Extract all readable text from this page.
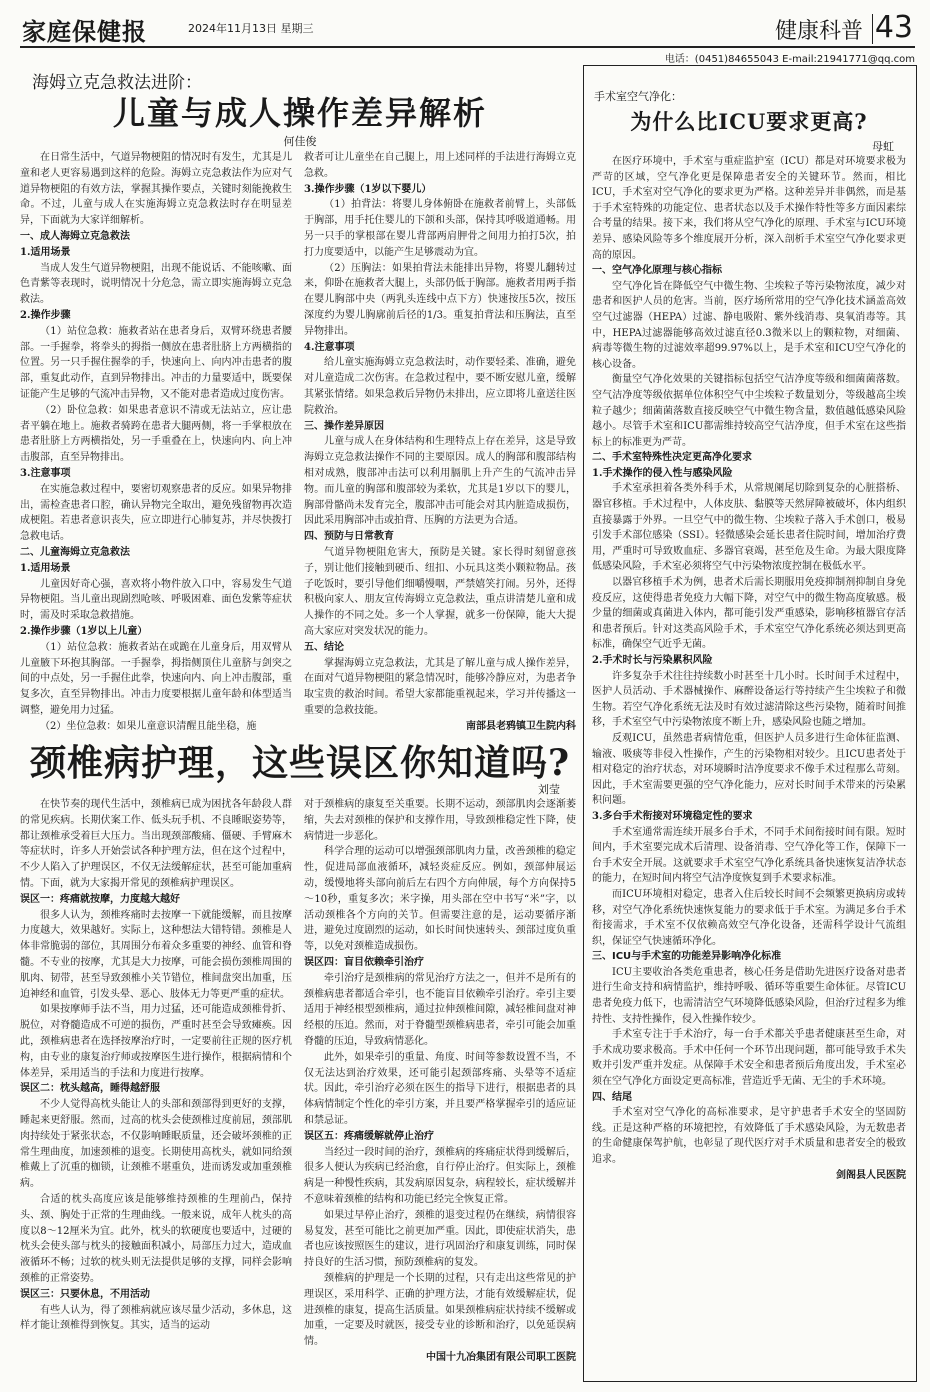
家庭保健报	2024年11月13日 星期三	健康科普 43
电话：(0451)84655043 E-mail:21941771@qq.com
海姆立克急救法进阶：
儿童与成人操作差异解析
何佳俊

在日常生活中，气道异物梗阻的情况时有发生，尤其是儿童和老人更容易遇到这样的危险。海姆立克急救法作为应对气道异物梗阻的有效方法，掌握其操作要点，关键时刻能挽救生命。不过，儿童与成人在实施海姆立克急救法时存在明显差异，下面就为大家详细解析。

一、成人海姆立克急救法

1.适用场景

当成人发生气道异物梗阻，出现不能说话、不能咳嗽、面色青紫等表现时，说明情况十分危急，需立即实施海姆立克急救法。

2.操作步骤

（1）站位急救：施救者站在患者身后，双臂环绕患者腰部。一手握拳，将拳头的拇指一侧放在患者肚脐上方两横指的位置。另一只手握住握拳的手，快速向上、向内冲击患者的腹部，重复此动作，直到异物排出。冲击的力量要适中，既要保证能产生足够的气流冲击异物，又不能对患者造成过度伤害。

（2）卧位急救：如果患者意识不清或无法站立，应让患者平躺在地上。施救者骑跨在患者大腿两侧，将一手掌根放在患者肚脐上方两横指处，另一手重叠在上，快速向内、向上冲击腹部，直至异物排出。

3.注意事项

在实施急救过程中，要密切观察患者的反应。如果异物排出，需检查患者口腔，确认异物完全取出，避免残留物再次造成梗阻。若患者意识丧失，应立即进行心肺复苏，并尽快拨打急救电话。

二、儿童海姆立克急救法

1.适用场景

儿童因好奇心强，喜欢将小物件放入口中，容易发生气道异物梗阻。当儿童出现剧烈呛咳、呼吸困难、面色发紫等症状时，需及时采取急救措施。

2.操作步骤（1岁以上儿童）

（1）站位急救：施救者站在或跪在儿童身后，用双臂从儿童腋下环抱其胸部。一手握拳，拇指侧顶住儿童脐与剑突之间的中点处，另一手握住此拳，快速向内、向上冲击腹部，重复多次，直至异物排出。冲击力度要根据儿童年龄和体型适当调整，避免用力过猛。

（2）坐位急救：如果儿童意识清醒且能坐稳，施

救者可让儿童坐在自己腿上，用上述同样的手法进行海姆立克急救。

3.操作步骤（1岁以下婴儿）

（1）拍背法：将婴儿身体俯卧在施救者前臂上，头部低于胸部，用手托住婴儿的下颌和头部，保持其呼吸道通畅。用另一只手的掌根部在婴儿背部两肩胛骨之间用力拍打5次，拍打力度要适中，以能产生足够震动为宜。

（2）压胸法：如果拍背法未能排出异物，将婴儿翻转过来，仰卧在施救者大腿上，头部仍低于胸部。施救者用两手指在婴儿胸部中央（两乳头连线中点下方）快速按压5次，按压深度约为婴儿胸廓前后径的1/3。重复拍背法和压胸法，直至异物排出。

4.注意事项

给儿童实施海姆立克急救法时，动作要轻柔、准确，避免对儿童造成二次伤害。在急救过程中，要不断安慰儿童，缓解其紧张情绪。如果急救后异物仍未排出，应立即将儿童送往医院救治。

三、操作差异原因

儿童与成人在身体结构和生理特点上存在差异，这是导致海姆立克急救法操作不同的主要原因。成人的胸部和腹部结构相对成熟，腹部冲击法可以利用膈肌上升产生的气流冲击异物。而儿童的胸部和腹部较为柔软，尤其是1岁以下的婴儿，胸部骨骼尚未发育完全，腹部冲击可能会对其内脏造成损伤，因此采用胸部冲击或拍背、压胸的方法更为合适。

四、预防与日常教育

气道异物梗阻危害大，预防是关键。家长得时刻留意孩子，别让他们接触到硬币、纽扣、小玩具这类小颗粒物品。孩子吃饭时，要引导他们细嚼慢咽，严禁嬉笑打闹。另外，还得积极向家人、朋友宣传海姆立克急救法，重点讲清楚儿童和成人操作的不同之处。多一个人掌握，就多一份保障，能大大提高大家应对突发状况的能力。

五、结论

掌握海姆立克急救法，尤其是了解儿童与成人操作差异，在面对气道异物梗阻的紧急情况时，能够冷静应对，为患者争取宝贵的救治时间。希望大家都能重视起来，学习并传播这一重要的急救技能。

南部县老鸦镇卫生院内科

颈椎病护理，这些误区你知道吗?
刘莹

在快节奏的现代生活中，颈椎病已成为困扰各年龄段人群的常见疾病。长期伏案工作、低头玩手机、不良睡眠姿势等，都让颈椎承受着巨大压力。当出现颈部酸痛、僵硬、手臂麻木等症状时，许多人开始尝试各种护理方法，但在这个过程中，不少人陷入了护理误区，不仅无法缓解症状，甚至可能加重病情。下面，就为大家揭开常见的颈椎病护理误区。

误区一：疼痛就按摩，力度越大越好

很多人认为，颈椎疼痛时去按摩一下就能缓解，而且按摩力度越大，效果越好。实际上，这种想法大错特错。颈椎是人体非常脆弱的部位，其周围分布着众多重要的神经、血管和脊髓。不专业的按摩，尤其是大力按摩，可能会损伤颈椎周围的肌肉、韧带，甚至导致颈椎小关节错位，椎间盘突出加重，压迫神经和血管，引发头晕、恶心、肢体无力等更严重的症状。

如果按摩师手法不当，用力过猛，还可能造成颈椎骨折、脱位，对脊髓造成不可逆的损伤，严重时甚至会导致瘫痪。因此，颈椎病患者在选择按摩治疗时，一定要前往正规的医疗机构，由专业的康复治疗师或按摩医生进行操作，根据病情和个体差异，采用适当的手法和力度进行按摩。

误区二：枕头越高，睡得越舒服

不少人觉得高枕头能让人的头部和颈部得到更好的支撑，睡起来更舒服。然而，过高的枕头会使颈椎过度前屈，颈部肌肉持续处于紧张状态，不仅影响睡眠质量，还会破坏颈椎的正常生理曲度，加速颈椎的退变。长期使用高枕头，就如同给颈椎戴上了沉重的枷锁，让颈椎不堪重负，进而诱发或加重颈椎病。

合适的枕头高度应该是能够维持颈椎的生理前凸，保持头、颈、胸处于正常的生理曲线。一般来说，成年人枕头的高度以8～12厘米为宜。此外，枕头的软硬度也要适中，过硬的枕头会使头部与枕头的接触面积减小，局部压力过大，造成血液循环不畅；过软的枕头则无法提供足够的支撑，同样会影响颈椎的正常姿势。

误区三：只要休息，不用活动

有些人认为，得了颈椎病就应该尽量少活动，多休息，这样才能让颈椎得到恢复。其实，适当的运动

对于颈椎病的康复至关重要。长期不运动，颈部肌肉会逐渐萎缩，失去对颈椎的保护和支撑作用，导致颈椎稳定性下降，使病情进一步恶化。

科学合理的运动可以增强颈部肌肉力量，改善颈椎的稳定性，促进局部血液循环，减轻炎症反应。例如，颈部伸展运动，缓慢地将头部向前后左右四个方向伸展，每个方向保持5～10秒，重复多次；米字操，用头部在空中书写“米”字，以活动颈椎各个方向的关节。但需要注意的是，运动要循序渐进，避免过度剧烈的运动，如长时间快速转头、颈部过度负重等，以免对颈椎造成损伤。

误区四：盲目依赖牵引治疗

牵引治疗是颈椎病的常见治疗方法之一，但并不是所有的颈椎病患者都适合牵引，也不能盲目依赖牵引治疗。牵引主要适用于神经根型颈椎病，通过拉伸颈椎间隙，减轻椎间盘对神经根的压迫。然而，对于脊髓型颈椎病患者，牵引可能会加重脊髓的压迫，导致病情恶化。

此外，如果牵引的重量、角度、时间等参数设置不当，不仅无法达到治疗效果，还可能引起颈部疼痛、头晕等不适症状。因此，牵引治疗必须在医生的指导下进行，根据患者的具体病情制定个性化的牵引方案，并且要严格掌握牵引的适应证和禁忌证。

误区五：疼痛缓解就停止治疗

当经过一段时间的治疗，颈椎病的疼痛症状得到缓解后，很多人便认为疾病已经治愈，自行停止治疗。但实际上，颈椎病是一种慢性疾病，其发病原因复杂，病程较长，症状缓解并不意味着颈椎的结构和功能已经完全恢复正常。

如果过早停止治疗，颈椎的退变过程仍在继续，病情很容易复发，甚至可能比之前更加严重。因此，即使症状消失，患者也应该按照医生的建议，进行巩固治疗和康复训练，同时保持良好的生活习惯，预防颈椎病的复发。

颈椎病的护理是一个长期的过程，只有走出这些常见的护理误区，采用科学、正确的护理方法，才能有效缓解症状，促进颈椎的康复，提高生活质量。如果颈椎病症状持续不缓解或加重，一定要及时就医，接受专业的诊断和治疗，以免延误病情。

中国十九冶集团有限公司职工医院

手术室空气净化：
为什么比ICU要求更高?
母虹

在医疗环境中，手术室与重症监护室（ICU）都是对环境要求极为严苛的区域，空气净化更是保障患者安全的关键环节。然而，相比ICU，手术室对空气净化的要求更为严格。这种差异并非偶然，而是基于手术室特殊的功能定位、患者状态以及手术操作特性等多方面因素综合考量的结果。接下来，我们将从空气净化的原理、手术室与ICU环境差异、感染风险等多个维度展开分析，深入剖析手术室空气净化要求更高的原因。

一、空气净化原理与核心指标

空气净化旨在降低空气中微生物、尘埃粒子等污染物浓度，减少对患者和医护人员的危害。当前，医疗场所常用的空气净化技术涵盖高效空气过滤器（HEPA）过滤、静电吸附、紫外线消毒、臭氧消毒等。其中，HEPA过滤器能够高效过滤直径0.3微米以上的颗粒物，对细菌、病毒等微生物的过滤效率超99.97%以上，是手术室和ICU空气净化的核心设备。

衡量空气净化效果的关键指标包括空气洁净度等级和细菌菌落数。空气洁净度等级依据单位体积空气中尘埃粒子数量划分，等级越高尘埃粒子越少；细菌菌落数直接反映空气中微生物含量，数值越低感染风险越小。尽管手术室和ICU都需维持较高空气洁净度，但手术室在这些指标上的标准更为严苛。

二、手术室特殊性决定更高净化要求

1.手术操作的侵入性与感染风险

手术室承担着各类外科手术，从常规阑尾切除到复杂的心脏搭桥、器官移植。手术过程中，人体皮肤、黏膜等天然屏障被破坏，体内组织直接暴露于外界。一旦空气中的微生物、尘埃粒子落入手术创口，极易引发手术部位感染（SSI）。轻微感染会延长患者住院时间，增加治疗费用，严重时可导致败血症、多器官衰竭，甚至危及生命。为最大限度降低感染风险，手术室必须将空气中污染物浓度控制在极低水平。

以器官移植手术为例，患者术后需长期服用免疫抑制剂抑制自身免疫反应，这使得患者免疫力大幅下降，对空气中的微生物高度敏感。极少量的细菌或真菌进入体内，都可能引发严重感染，影响移植器官存活和患者预后。针对这类高风险手术，手术室空气净化系统必须达到更高标准，确保空气近乎无菌。

2.手术时长与污染累积风险

许多复杂手术往往持续数小时甚至十几小时。长时间手术过程中，医护人员活动、手术器械操作、麻醉设备运行等持续产生尘埃粒子和微生物。若空气净化系统无法及时有效过滤清除这些污染物，随着时间推移，手术室空气中污染物浓度不断上升，感染风险也随之增加。

反观ICU，虽然患者病情危重，但医护人员多进行生命体征监测、输液、吸痰等非侵入性操作，产生的污染物相对较少。且ICU患者处于相对稳定的治疗状态，对环境瞬时洁净度要求不像手术过程那么苛刻。因此，手术室需要更强的空气净化能力，应对长时间手术带来的污染累积问题。

3.多台手术衔接对环境稳定性的要求

手术室通常需连续开展多台手术，不同手术间衔接时间有限。短时间内，手术室要完成术后清理、设备消毒、空气净化等工作，保障下一台手术安全开展。这就要求手术室空气净化系统具备快速恢复洁净状态的能力，在短时间内将空气洁净度恢复到手术要求标准。

而ICU环境相对稳定，患者入住后较长时间不会频繁更换病房或转移，对空气净化系统快速恢复能力的要求低于手术室。为满足多台手术衔接需求，手术室不仅依赖高效空气净化设备，还需科学设计气流组织，保证空气快速循环净化。

三、ICU与手术室的功能差异影响净化标准

ICU主要收治各类危重患者，核心任务是借助先进医疗设备对患者进行生命支持和病情监护，维持呼吸、循环等重要生命体征。尽管ICU患者免疫力低下，也需清洁空气环境降低感染风险，但治疗过程多为维持性、支持性操作，侵入性操作较少。

手术室专注于手术治疗，每一台手术都关乎患者健康甚至生命，对手术成功要求极高。手术中任何一个环节出现问题，都可能导致手术失败并引发严重并发症。从保障手术安全和患者预后角度出发，手术室必须在空气净化方面设定更高标准，营造近乎无菌、无尘的手术环境。

四、结尾

手术室对空气净化的高标准要求，是守护患者手术安全的坚固防线。正是这种严格的环境把控，有效降低了手术感染风险，为无数患者的生命健康保驾护航，也彰显了现代医疗对手术质量和患者安全的极致追求。

剑阁县人民医院
